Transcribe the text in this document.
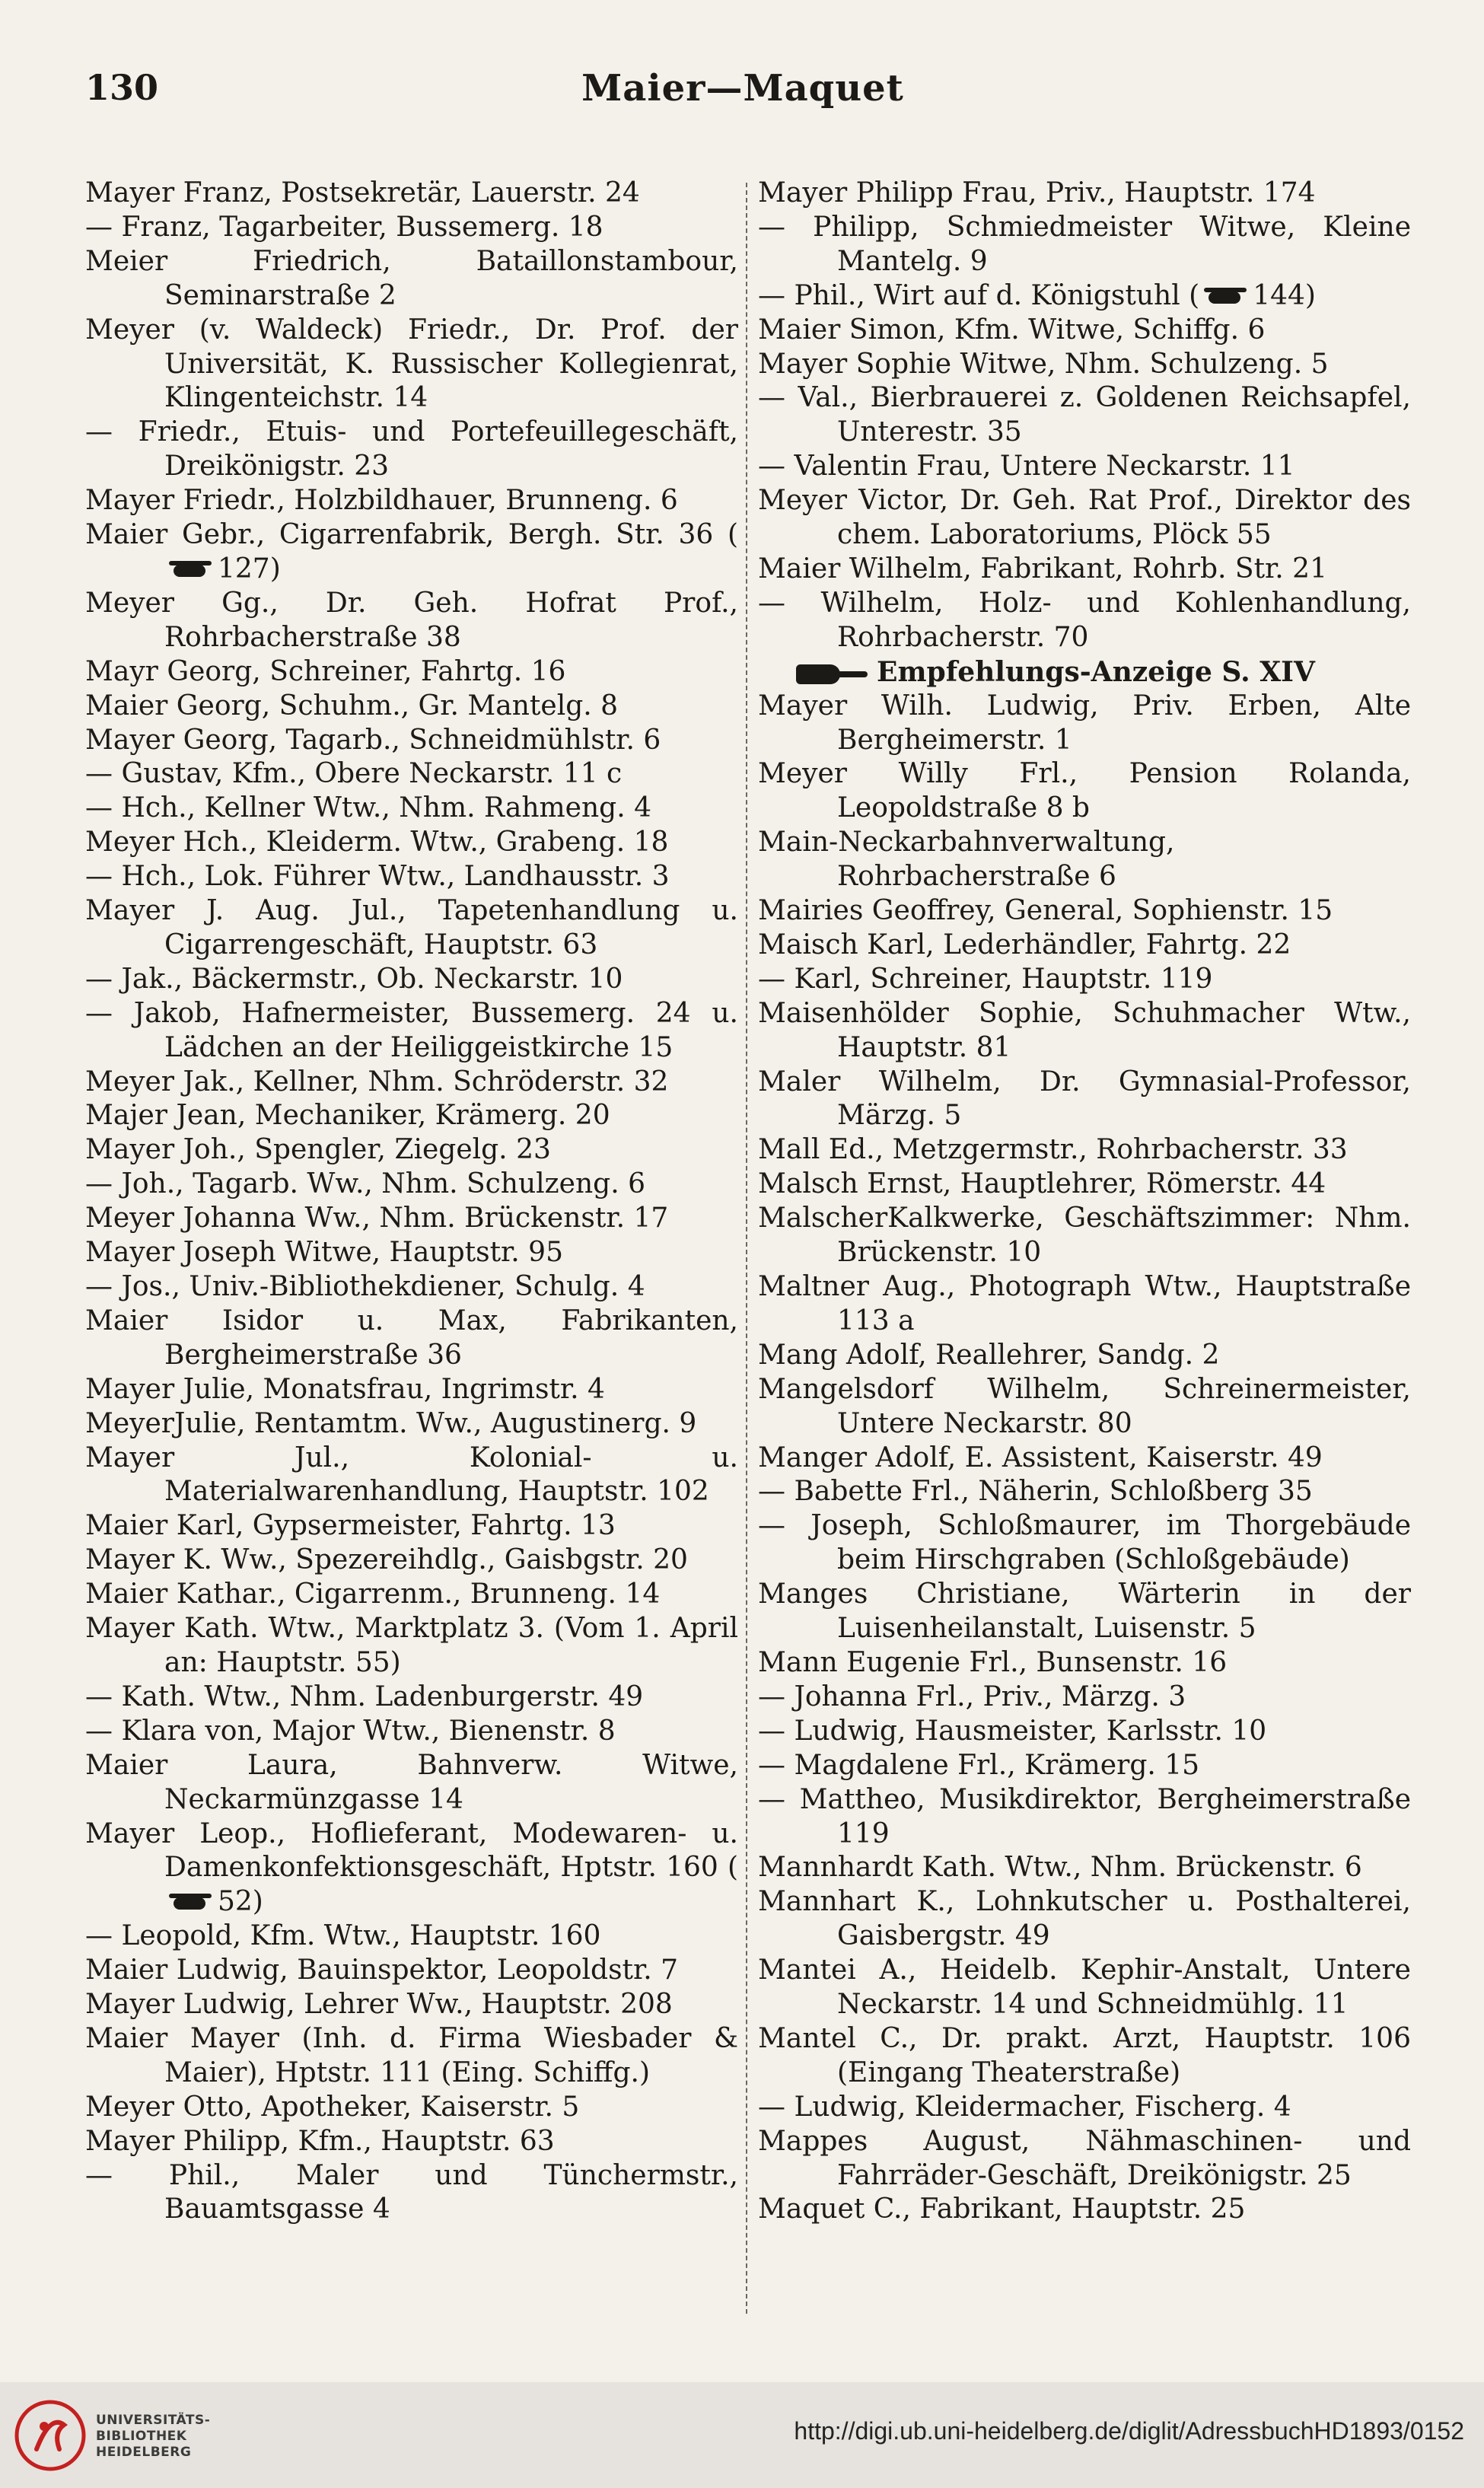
130	Maier—Maquet
Mayer Franz, Postsekretär, Lauerstr. 24
— Franz, Tagarbeiter, Bussemerg. 18
Meier Friedrich, Bataillonstambour, Seminarstraße 2
Meyer (v. Waldeck) Friedr., Dr. Prof. der Universität, K. Russischer Kollegienrat, Klingenteichstr. 14
— Friedr., Etuis- und Portefeuillegeschäft, Dreikönigstr. 23
Mayer Friedr., Holzbildhauer, Brunneng. 6
Maier Gebr., Cigarrenfabrik, Bergh. Str. 36 (127)
Meyer Gg., Dr. Geh. Hofrat Prof., Rohrbacherstraße 38
Mayr Georg, Schreiner, Fahrtg. 16
Maier Georg, Schuhm., Gr. Mantelg. 8
Mayer Georg, Tagarb., Schneidmühlstr. 6
— Gustav, Kfm., Obere Neckarstr. 11 c
— Hch., Kellner Wtw., Nhm. Rahmeng. 4
Meyer Hch., Kleiderm. Wtw., Grabeng. 18
— Hch., Lok. Führer Wtw., Landhausstr. 3
Mayer J. Aug. Jul., Tapetenhandlung u. Cigarrengeschäft, Hauptstr. 63
— Jak., Bäckermstr., Ob. Neckarstr. 10
— Jakob, Hafnermeister, Bussemerg. 24 u. Lädchen an der Heiliggeistkirche 15
Meyer Jak., Kellner, Nhm. Schröderstr. 32
Majer Jean, Mechaniker, Krämerg. 20
Mayer Joh., Spengler, Ziegelg. 23
— Joh., Tagarb. Ww., Nhm. Schulzeng. 6
Meyer Johanna Ww., Nhm. Brückenstr. 17
Mayer Joseph Witwe, Hauptstr. 95
— Jos., Univ.-Bibliothekdiener, Schulg. 4
Maier Isidor u. Max, Fabrikanten, Bergheimerstraße 36
Mayer Julie, Monatsfrau, Ingrimstr. 4
MeyerJulie, Rentamtm. Ww., Augustinerg. 9
Mayer Jul., Kolonial- u. Materialwarenhandlung, Hauptstr. 102
Maier Karl, Gypsermeister, Fahrtg. 13
Mayer K. Ww., Spezereihdlg., Gaisbgstr. 20
Maier Kathar., Cigarrenm., Brunneng. 14
Mayer Kath. Wtw., Marktplatz 3. (Vom 1. April an: Hauptstr. 55)
— Kath. Wtw., Nhm. Ladenburgerstr. 49
— Klara von, Major Wtw., Bienenstr. 8
Maier Laura, Bahnverw. Witwe, Neckarmünzgasse 14
Mayer Leop., Hoflieferant, Modewaren- u. Damenkonfektionsgeschäft, Hptstr. 160 (52)
— Leopold, Kfm. Wtw., Hauptstr. 160
Maier Ludwig, Bauinspektor, Leopoldstr. 7
Mayer Ludwig, Lehrer Ww., Hauptstr. 208
Maier Mayer (Inh. d. Firma Wiesbader & Maier), Hptstr. 111 (Eing. Schiffg.)
Meyer Otto, Apotheker, Kaiserstr. 5
Mayer Philipp, Kfm., Hauptstr. 63
— Phil., Maler und Tünchermstr., Bauamtsgasse 4
Mayer Philipp Frau, Priv., Hauptstr. 174
— Philipp, Schmiedmeister Witwe, Kleine Mantelg. 9
— Phil., Wirt auf d. Königstuhl ( 144)
Maier Simon, Kfm. Witwe, Schiffg. 6
Mayer Sophie Witwe, Nhm. Schulzeng. 5
— Val., Bierbrauerei z. Goldenen Reichsapfel, Unterestr. 35
— Valentin Frau, Untere Neckarstr. 11
Meyer Victor, Dr. Geh. Rat Prof., Direktor des chem. Laboratoriums, Plöck 55
Maier Wilhelm, Fabrikant, Rohrb. Str. 21
— Wilhelm, Holz- und Kohlenhandlung, Rohrbacherstr. 70
Empfehlungs-Anzeige S. XIV
Mayer Wilh. Ludwig, Priv. Erben, Alte Bergheimerstr. 1
Meyer Willy Frl., Pension Rolanda, Leopoldstraße 8 b
Main-Neckarbahnverwaltung, Rohrbacherstraße 6
Mairies Geoffrey, General, Sophienstr. 15
Maisch Karl, Lederhändler, Fahrtg. 22
— Karl, Schreiner, Hauptstr. 119
Maisenhölder Sophie, Schuhmacher Wtw., Hauptstr. 81
Maler Wilhelm, Dr. Gymnasial-Professor, Märzg. 5
Mall Ed., Metzgermstr., Rohrbacherstr. 33
Malsch Ernst, Hauptlehrer, Römerstr. 44
MalscherKalkwerke, Geschäftszimmer: Nhm. Brückenstr. 10
Maltner Aug., Photograph Wtw., Hauptstraße 113 a
Mang Adolf, Reallehrer, Sandg. 2
Mangelsdorf Wilhelm, Schreinermeister, Untere Neckarstr. 80
Manger Adolf, E. Assistent, Kaiserstr. 49
— Babette Frl., Näherin, Schloßberg 35
— Joseph, Schloßmaurer, im Thorgebäude beim Hirschgraben (Schloßgebäude)
Manges Christiane, Wärterin in der Luisenheilanstalt, Luisenstr. 5
Mann Eugenie Frl., Bunsenstr. 16
— Johanna Frl., Priv., Märzg. 3
— Ludwig, Hausmeister, Karlsstr. 10
— Magdalene Frl., Krämerg. 15
— Mattheo, Musikdirektor, Bergheimerstraße 119
Mannhardt Kath. Wtw., Nhm. Brückenstr. 6
Mannhart K., Lohnkutscher u. Posthalterei, Gaisbergstr. 49
Mantei A., Heidelb. Kephir-Anstalt, Untere Neckarstr. 14 und Schneidmühlg. 11
Mantel C., Dr. prakt. Arzt, Hauptstr. 106 (Eingang Theaterstraße)
— Ludwig, Kleidermacher, Fischerg. 4
Mappes August, Nähmaschinen- und Fahrräder-Geschäft, Dreikönigstr. 25
Maquet C., Fabrikant, Hauptstr. 25
UNIVERSITÄTS-
BIBLIOTHEK
HEIDELBERG
http://digi.ub.uni-heidelberg.de/diglit/AdressbuchHD1893/0152
